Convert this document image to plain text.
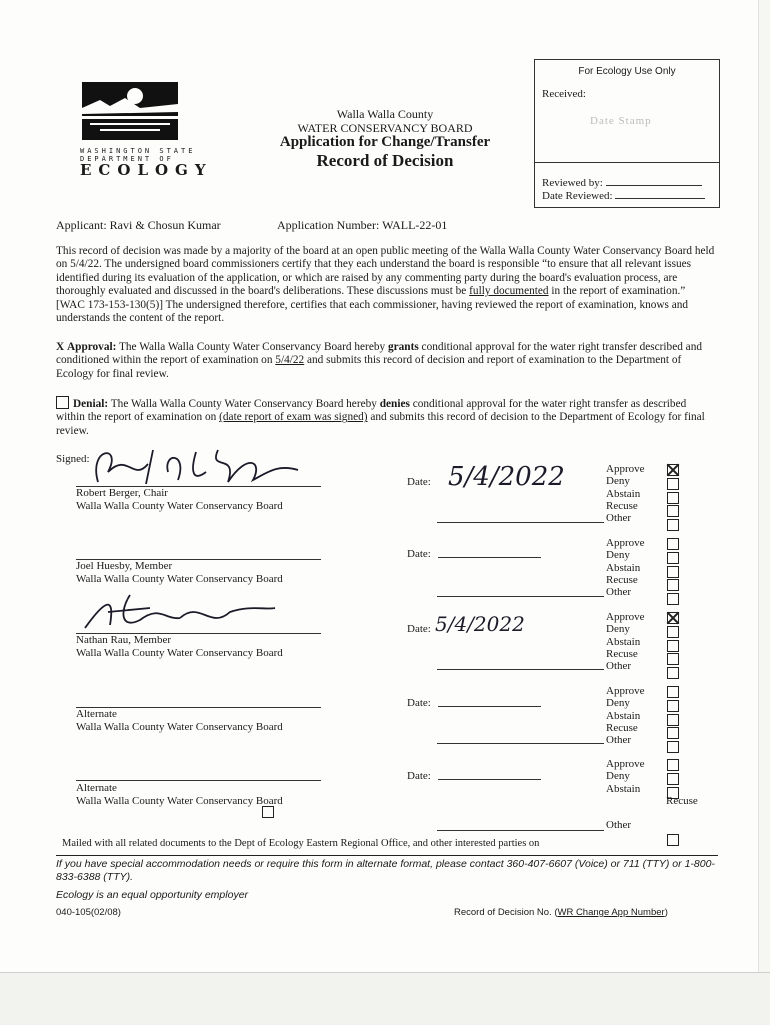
WASHINGTON STATE
DEPARTMENT OF
ECOLOGY
Walla Walla County
WATER CONSERVANCY BOARD
Application for Change/Transfer
Record of Decision
For Ecology Use Only
Received:
Date Stamp
Reviewed by:
Date Reviewed:
Applicant: Ravi & Chosun Kumar	Application Number: WALL-22-01
This record of decision was made by a majority of the board at an open public meeting of the Walla Walla County Water Conservancy Board held on 5/4/22. The undersigned board commissioners certify that they each understand the board is responsible “to ensure that all relevant issues identified during its evaluation of the application, or which are raised by any commenting party during the board's evaluation process, are thoroughly evaluated and discussed in the board's deliberations. These discussions must be fully documented in the report of examination.” [WAC 173-153-130(5)] The undersigned therefore, certifies that each commissioner, having reviewed the report of examination, knows and understands the content of the report.
X Approval: The Walla Walla County Water Conservancy Board hereby grants conditional approval for the water right transfer described and conditioned within the report of examination on 5/4/22 and submits this record of decision and report of examination to the Department of Ecology for final review.
Denial: The Walla Walla County Water Conservancy Board hereby denies conditional approval for the water right transfer as described within the report of examination on (date report of exam was signed) and submits this record of decision to the Department of Ecology for final review.
Signed:
Robert Berger, Chair
Walla Walla County Water Conservancy Board
Date: 5/4/2022	Approve
Deny
Abstain
Recuse
Other
Joel Huesby, Member
Walla Walla County Water Conservancy Board
Date:
Approve
Deny
Abstain
Recuse
Other
Nathan Rau, Member
Walla Walla County Water Conservancy Board
Date: 5/4/2022	Approve
Deny
Abstain
Recuse
Other
Alternate
Walla Walla County Water Conservancy Board
Date:
Approve
Deny
Abstain
Recuse
Other
Alternate
Walla Walla County Water Conservancy Board
Date:
Approve
Deny
Abstain
Recuse
Other
Mailed with all related documents to the Dept of Ecology Eastern Regional Office, and other interested parties on
If you have special accommodation needs or require this form in alternate format, please contact 360-407-6607 (Voice) or 711 (TTY) or 1-800-833-6388 (TTY).
Ecology is an equal opportunity employer
040-105(02/08)	Record of Decision No. (WR Change App Number)
